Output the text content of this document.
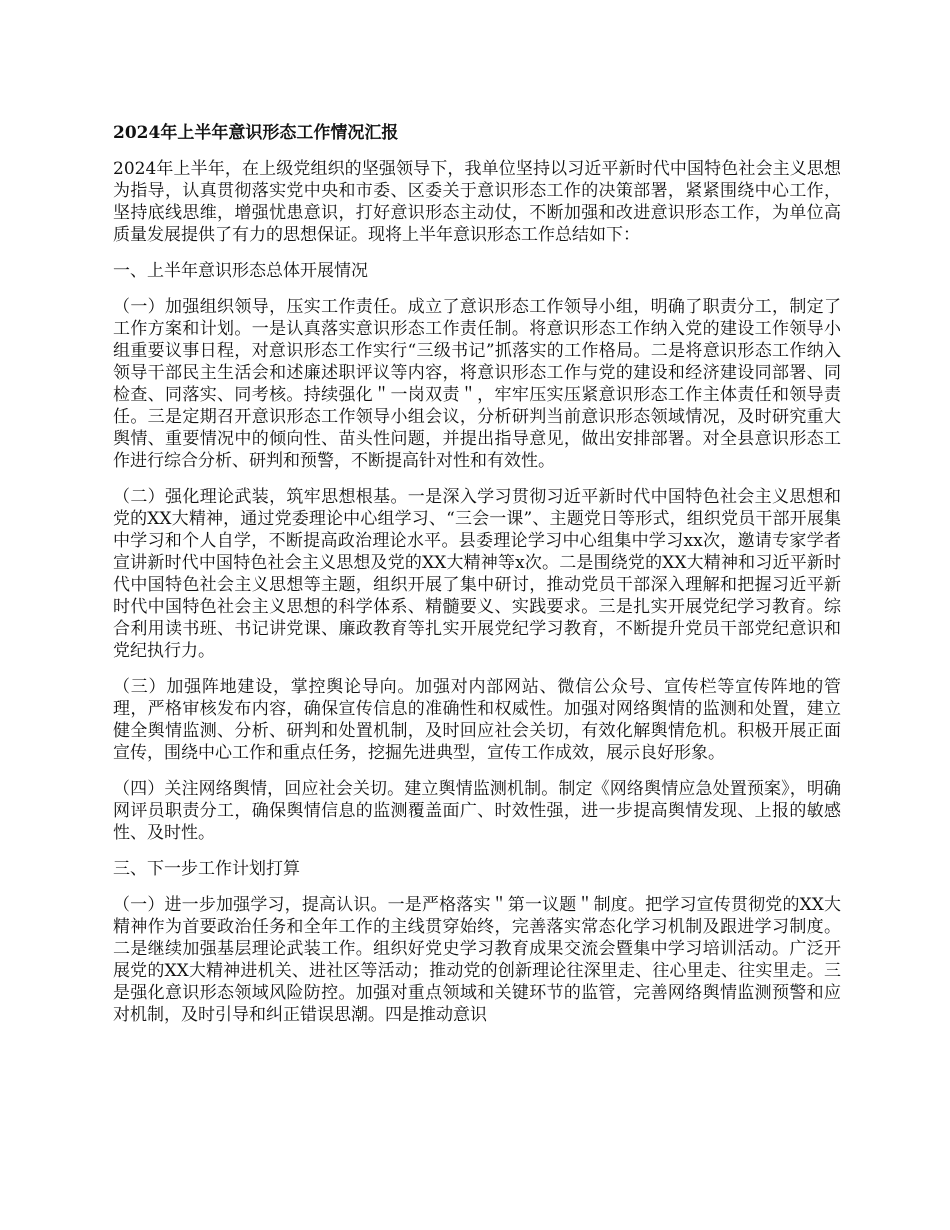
2024年上半年意识形态工作情况汇报
2024年上半年，在上级党组织的坚强领导下，我单位坚持以习近平新时代中国特色社会主义思想为指导，认真贯彻落实党中央和市委、区委关于意识形态工作的决策部署，紧紧围绕中心工作，坚持底线思维，增强忧患意识，打好意识形态主动仗，不断加强和改进意识形态工作，为单位高质量发展提供了有力的思想保证。现将上半年意识形态工作总结如下：
一、上半年意识形态总体开展情况
（一）加强组织领导，压实工作责任。成立了意识形态工作领导小组，明确了职责分工，制定了工作方案和计划。一是认真落实意识形态工作责任制。将意识形态工作纳入党的建设工作领导小组重要议事日程，对意识形态工作实行“三级书记”抓落实的工作格局。二是将意识形态工作纳入领导干部民主生活会和述廉述职评议等内容，将意识形态工作与党的建设和经济建设同部署、同检查、同落实、同考核。持续强化＂一岗双责＂，牢牢压实压紧意识形态工作主体责任和领导责任。三是定期召开意识形态工作领导小组会议，分析研判当前意识形态领域情况，及时研究重大舆情、重要情况中的倾向性、苗头性问题，并提出指导意见，做出安排部署。对全县意识形态工作进行综合分析、研判和预警，不断提高针对性和有效性。
（二）强化理论武装，筑牢思想根基。一是深入学习贯彻习近平新时代中国特色社会主义思想和党的XX大精神，通过党委理论中心组学习、“三会一课”、主题党日等形式，组织党员干部开展集中学习和个人自学，不断提高政治理论水平。县委理论学习中心组集中学习xx次，邀请专家学者宣讲新时代中国特色社会主义思想及党的XX大精神等x次。二是围绕党的XX大精神和习近平新时代中国特色社会主义思想等主题，组织开展了集中研讨，推动党员干部深入理解和把握习近平新时代中国特色社会主义思想的科学体系、精髓要义、实践要求。三是扎实开展党纪学习教育。综合利用读书班、书记讲党课、廉政教育等扎实开展党纪学习教育，不断提升党员干部党纪意识和党纪执行力。
（三）加强阵地建设，掌控舆论导向。加强对内部网站、微信公众号、宣传栏等宣传阵地的管理，严格审核发布内容，确保宣传信息的准确性和权威性。加强对网络舆情的监测和处置，建立健全舆情监测、分析、研判和处置机制，及时回应社会关切，有效化解舆情危机。积极开展正面宣传，围绕中心工作和重点任务，挖掘先进典型，宣传工作成效，展示良好形象。
（四）关注网络舆情，回应社会关切。建立舆情监测机制。制定《网络舆情应急处置预案》，明确网评员职责分工，确保舆情信息的监测覆盖面广、时效性强，进一步提高舆情发现、上报的敏感性、及时性。
三、下一步工作计划打算
（一）进一步加强学习，提高认识。一是严格落实＂第一议题＂制度。把学习宣传贯彻党的XX大精神作为首要政治任务和全年工作的主线贯穿始终，完善落实常态化学习机制及跟进学习制度。二是继续加强基层理论武装工作。组织好党史学习教育成果交流会暨集中学习培训活动。广泛开展党的XX大精神进机关、进社区等活动；推动党的创新理论往深里走、往心里走、往实里走。三是强化意识形态领域风险防控。加强对重点领域和关键环节的监管，完善网络舆情监测预警和应对机制，及时引导和纠正错误思潮。四是推动意识
